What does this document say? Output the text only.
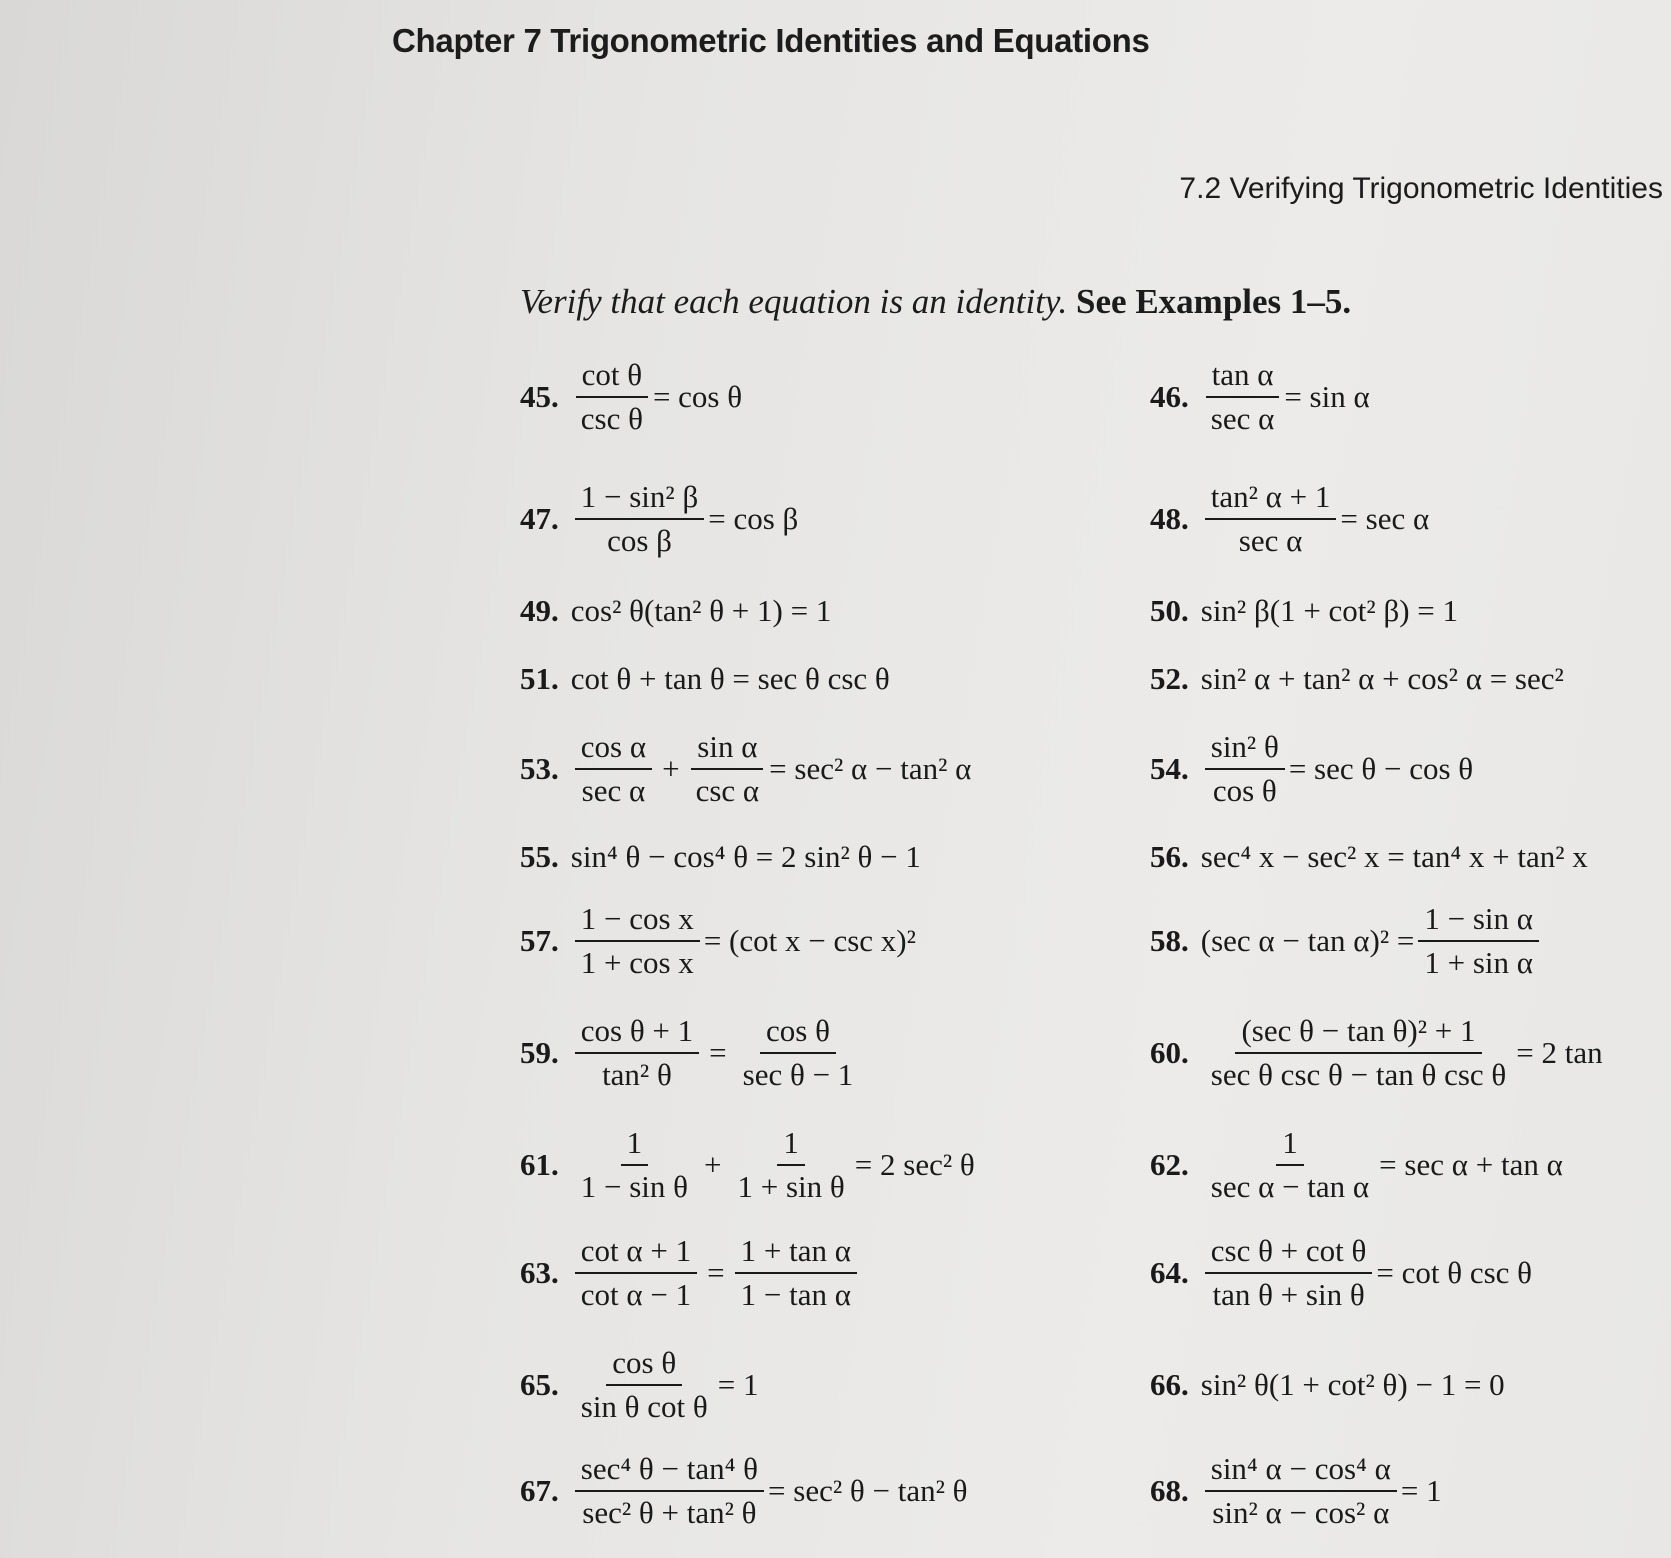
Chapter 7 Trigonometric Identities and Equations
7.2 Verifying Trigonometric Identities
Verify that each equation is an identity. See Examples 1–5.
45. $\frac{\text{cot θ}}{\text{csc θ}} = \cos \theta$	46. $\frac{\text{tan α}}{\text{sec α}} = \sin \alpha$
47. $\frac{\text{1 − sin² β}}{\text{cos β}} = \cos \beta$	48. $\frac{\text{tan² α + 1}}{\text{sec α}} = \sec \alpha$
49. cos² θ(tan² θ + 1) = 1	50. sin² β(1 + cot² β) = 1
51. cot θ + tan θ = sec θ csc θ	52. sin² α + tan² α + cos² α = sec²
53. $\frac{\text{cos α}}{\text{sec α}} + \frac{\text{sin α}}{\text{csc α}} = \sec^2$ α − tan² α	54. $\frac{\text{sin² θ}}{\text{cos θ}} = \sec \theta - \cos \theta$
55. sin⁴ θ − cos⁴ θ = 2 sin² θ − 1	56. sec⁴ x − sec² x = tan⁴ x + tan² x
57. $\frac{\text{1 − cos x}}{\text{1 + cos x}} = (\cot$ x − csc x)²	58. (sec $\alpha - \tan \alpha)^2 = \frac{\text{1 − sin α}}{\text{1 + sin α}}$
59. $\frac{\text{cos θ + 1}}{\text{tan² θ}} = \frac{\text{cos θ}}{\text{sec θ − 1}}$	60. $\frac{\text{(sec θ − tan θ)² + 1}}{\text{sec θ csc θ − tan θ csc θ}} = 2$ tan
61. $\frac{1}{\text{1 − sin θ}} + \frac{1}{\text{1 + sin θ}} = 2$ sec² θ	62. $\frac{1}{\text{sec α − tan α}} = \sec \alpha + \tan \alpha$
63. $\frac{\text{cot α + 1}}{\text{cot α − 1}} = \frac{\text{1 + tan α}}{\text{1 − tan α}}$	64. $\frac{\text{csc θ + cot θ}}{\text{tan θ + sin θ}} = \cot \theta$ csc θ
65. $\frac{\text{cos θ}}{\text{sin θ cot θ}} = 1$	66. sin² θ(1 + cot² θ) − 1 = 0
67. $\frac{\text{sec⁴ θ − tan⁴ θ}}{\text{sec² θ + tan² θ}} = \sec^2$ θ − tan² θ	68. $\frac{\text{sin⁴ α − cos⁴ α}}{\text{sin² α − cos² α}} = 1$
